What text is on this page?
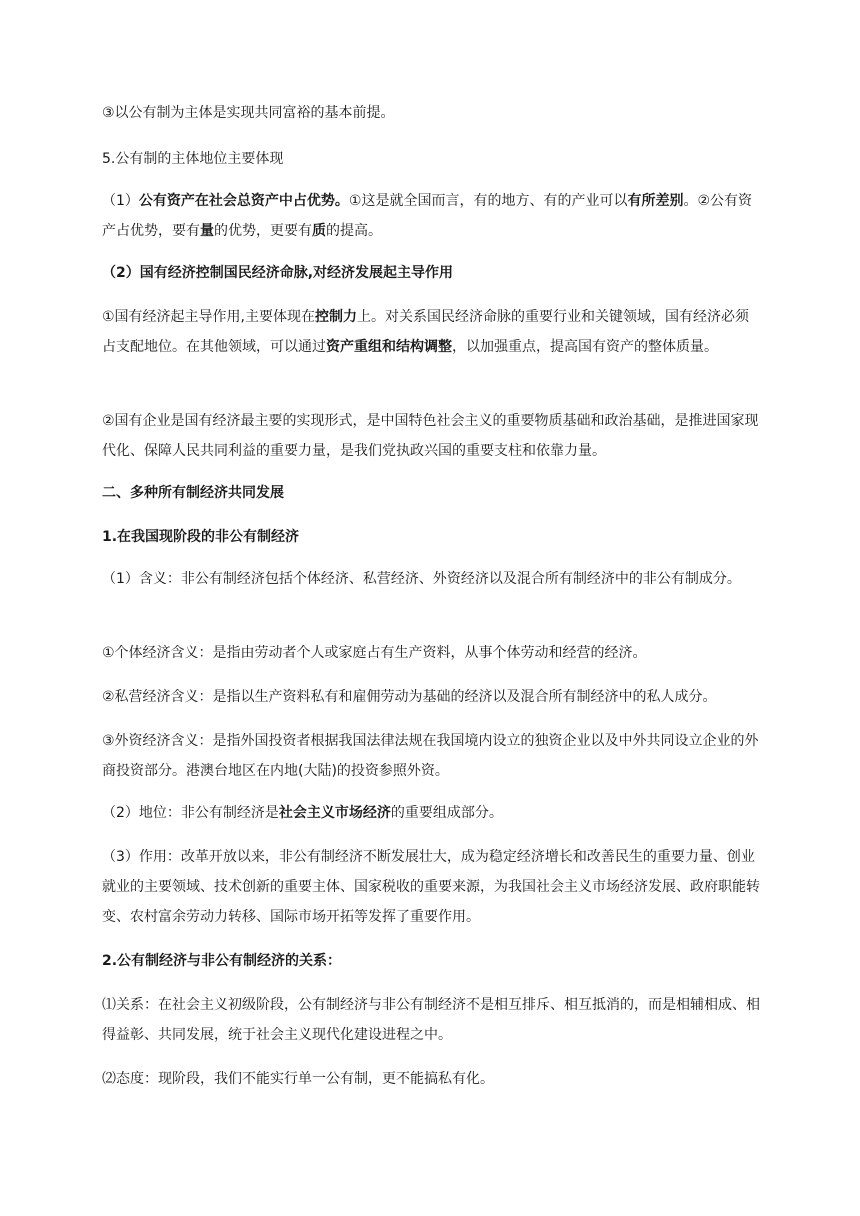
③以公有制为主体是实现共同富裕的基本前提。

5.公有制的主体地位主要体现

（1）公有资产在社会总资产中占优势。①这是就全国而言，有的地方、有的产业可以有所差别。②公有资产占优势，要有量的优势，更要有质的提高。

（2）国有经济控制国民经济命脉,对经济发展起主导作用

①国有经济起主导作用,主要体现在控制力上。对关系国民经济命脉的重要行业和关键领域，国有经济必须占支配地位。在其他领域，可以通过资产重组和结构调整，以加强重点，提高国有资产的整体质量。

②国有企业是国有经济最主要的实现形式，是中国特色社会主义的重要物质基础和政治基础，是推进国家现代化、保障人民共同利益的重要力量，是我们党执政兴国的重要支柱和依靠力量。

二、多种所有制经济共同发展

1.在我国现阶段的非公有制经济

（1）含义：非公有制经济包括个体经济、私营经济、外资经济以及混合所有制经济中的非公有制成分。

①个体经济含义：是指由劳动者个人或家庭占有生产资料，从事个体劳动和经营的经济。

②私营经济含义：是指以生产资料私有和雇佣劳动为基础的经济以及混合所有制经济中的私人成分。

③外资经济含义：是指外国投资者根据我国法律法规在我国境内设立的独资企业以及中外共同设立企业的外商投资部分。港澳台地区在内地(大陆)的投资参照外资。

（2）地位：非公有制经济是社会主义市场经济的重要组成部分。

（3）作用：改革开放以来，非公有制经济不断发展壮大，成为稳定经济增长和改善民生的重要力量、创业就业的主要领域、技术创新的重要主体、国家税收的重要来源，为我国社会主义市场经济发展、政府职能转变、农村富余劳动力转移、国际市场开拓等发挥了重要作用。

2.公有制经济与非公有制经济的关系：

⑴关系：在社会主义初级阶段，公有制经济与非公有制经济不是相互排斥、相互抵消的，而是相辅相成、相得益彰、共同发展，统于社会主义现代化建设进程之中。

⑵态度：现阶段，我们不能实行单一公有制，更不能搞私有化。
